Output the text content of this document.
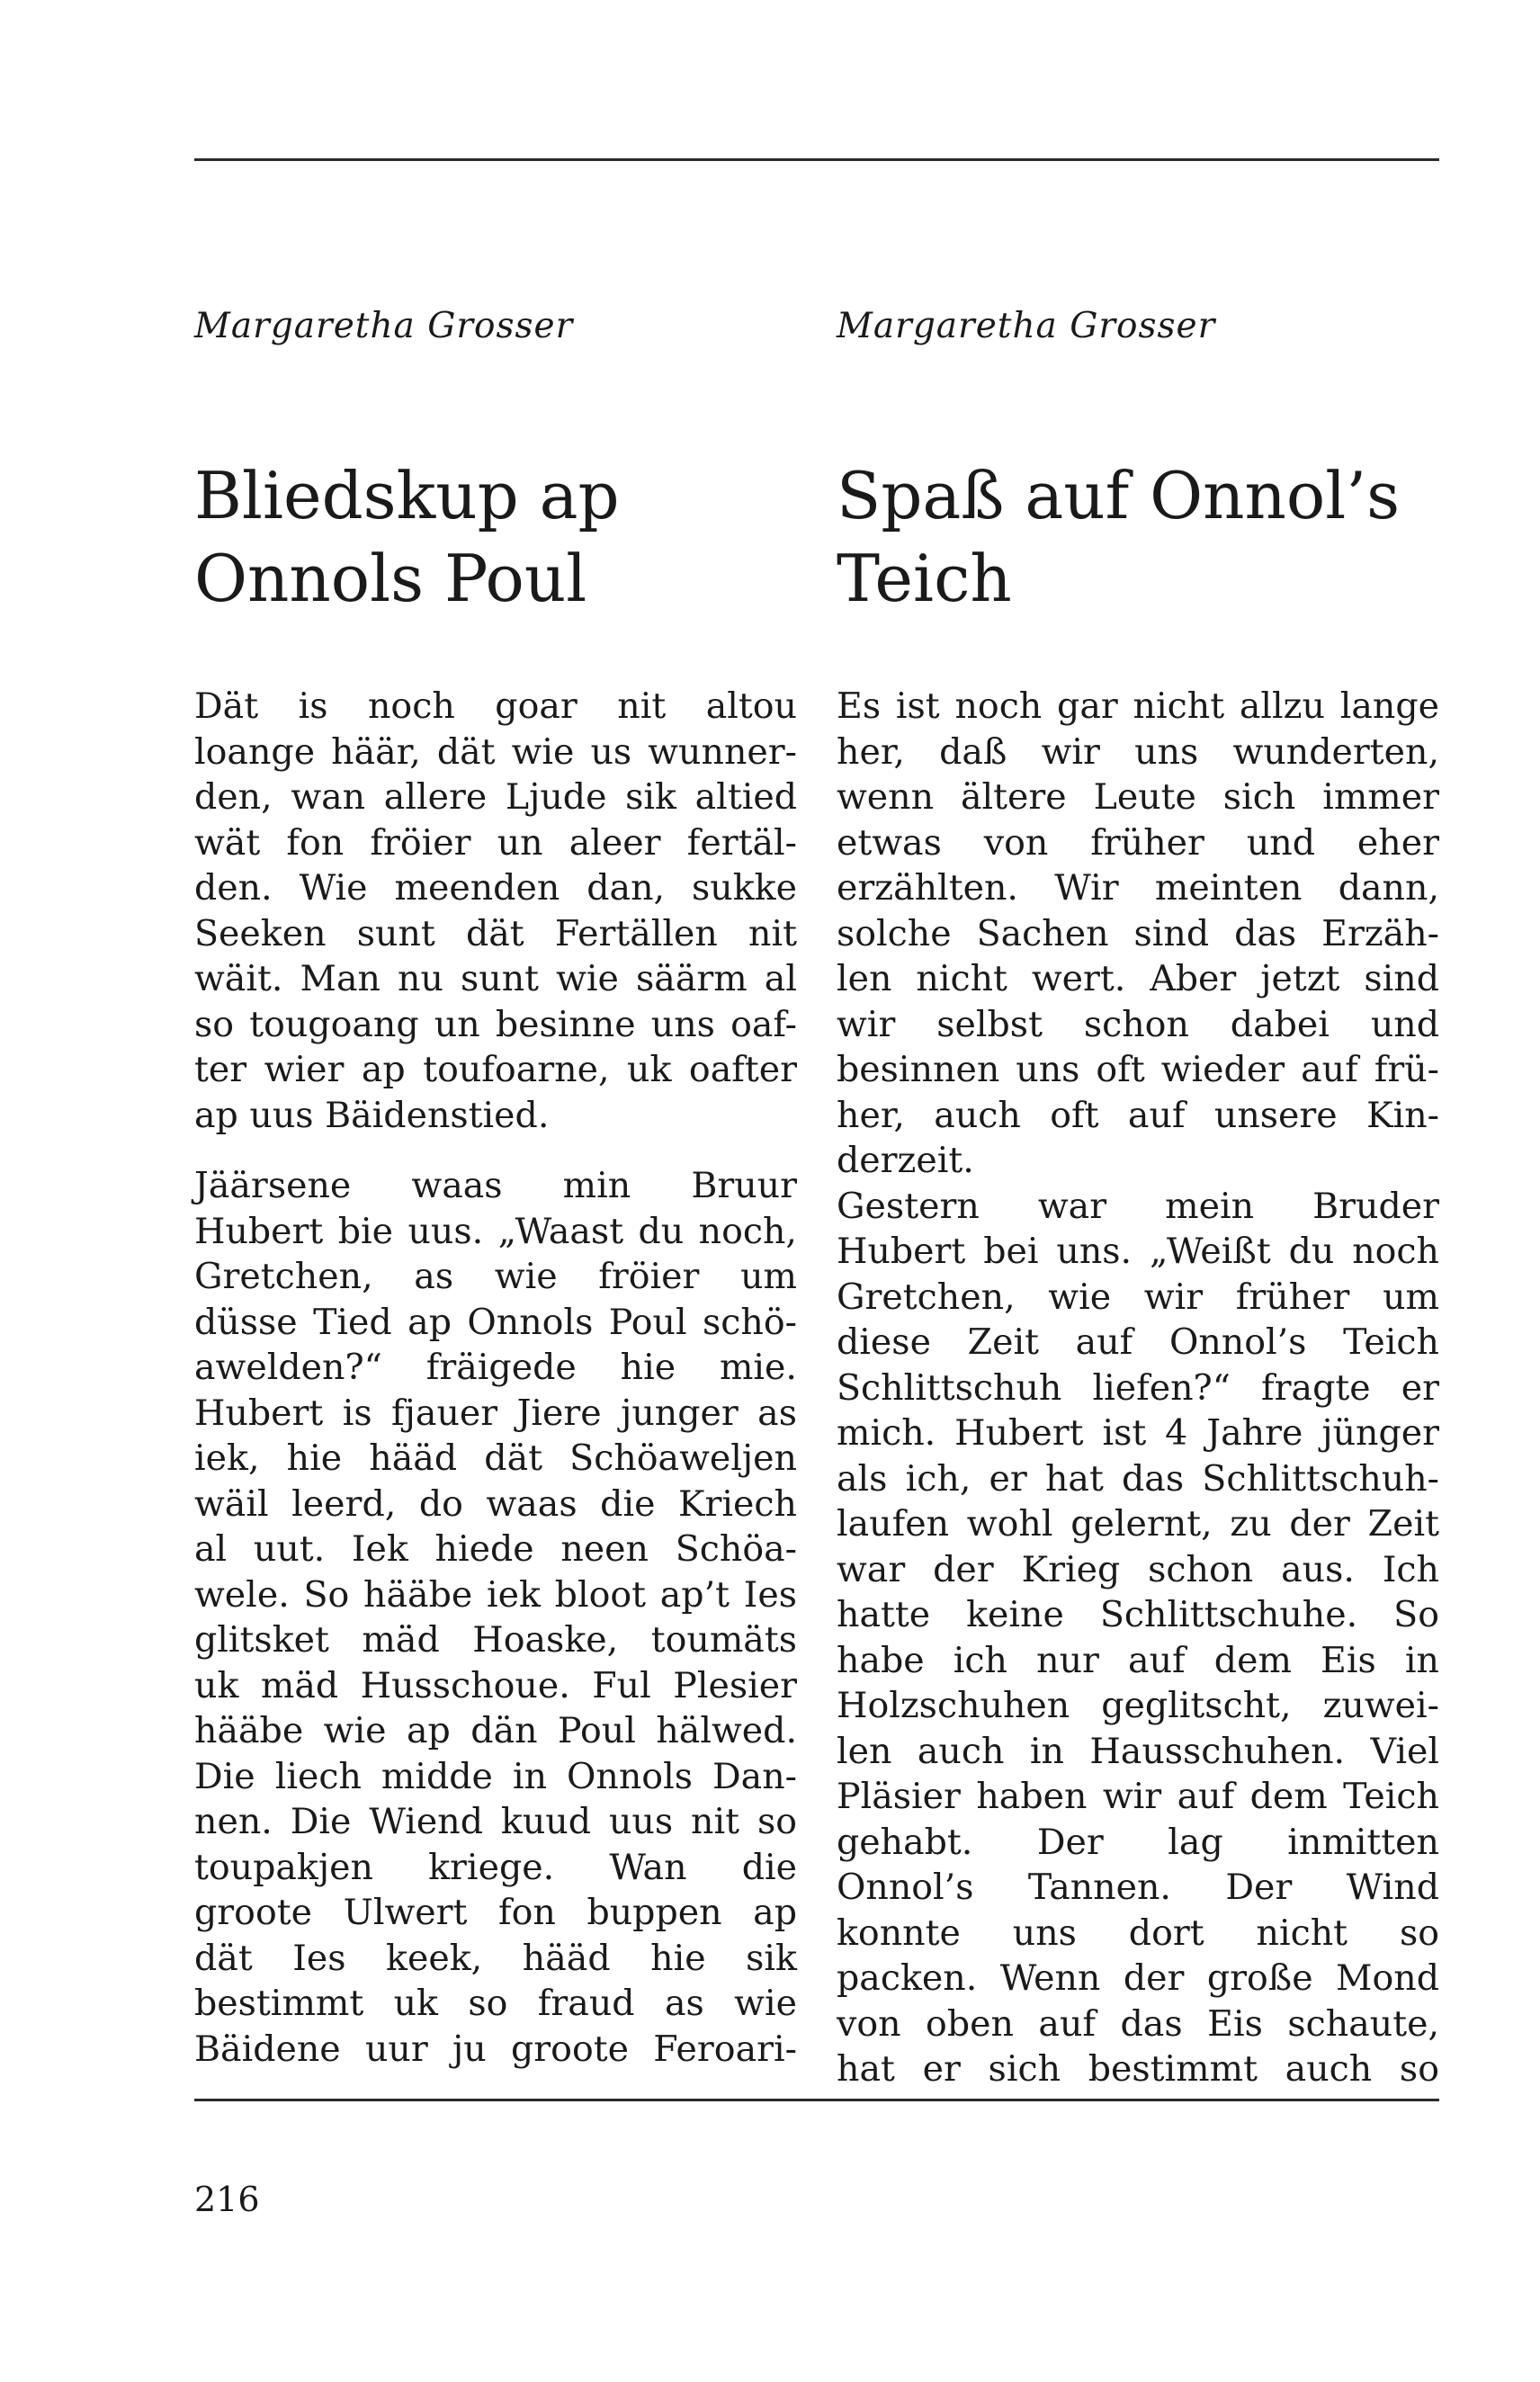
Margaretha Grosser
Bliedskup ap
Onnols Poul
Dät is noch goar nit altou
loange häär, dät wie us wunner-
den, wan allere Ljude sik altied
wät fon fröier un aleer fertäl-
den. Wie meenden dan, sukke
Seeken sunt dät Fertällen nit
wäit. Man nu sunt wie säärm al
so tougoang un besinne uns oaf-
ter wier ap toufoarne, uk oafter
ap uus Bäidenstied.
Jäärsene waas min Bruur
Hubert bie uus. „Waast du noch,
Gretchen, as wie fröier um
düsse Tied ap Onnols Poul schö-
awelden?“ fräigede hie mie.
Hubert is fjauer Jiere junger as
iek, hie hääd dät Schöaweljen
wäil leerd, do waas die Kriech
al uut. Iek hiede neen Schöa-
wele. So hääbe iek bloot ap’t Ies
glitsket mäd Hoaske, toumäts
uk mäd Husschoue. Ful Plesier
hääbe wie ap dän Poul hälwed.
Die liech midde in Onnols Dan-
nen. Die Wiend kuud uus nit so
toupakjen kriege. Wan die
groote Ulwert fon buppen ap
dät Ies keek, hääd hie sik
bestimmt uk so fraud as wie
Bäidene uur ju groote Feroari-
Margaretha Grosser
Spaß auf Onnol’s
Teich
Es ist noch gar nicht allzu lange
her, daß wir uns wunderten,
wenn ältere Leute sich immer
etwas von früher und eher
erzählten. Wir meinten dann,
solche Sachen sind das Erzäh-
len nicht wert. Aber jetzt sind
wir selbst schon dabei und
besinnen uns oft wieder auf frü-
her, auch oft auf unsere Kin-
derzeit.
Gestern war mein Bruder
Hubert bei uns. „Weißt du noch
Gretchen, wie wir früher um
diese Zeit auf Onnol’s Teich
Schlittschuh liefen?“ fragte er
mich. Hubert ist 4 Jahre jünger
als ich, er hat das Schlittschuh-
laufen wohl gelernt, zu der Zeit
war der Krieg schon aus. Ich
hatte keine Schlittschuhe. So
habe ich nur auf dem Eis in
Holzschuhen geglitscht, zuwei-
len auch in Hausschuhen. Viel
Pläsier haben wir auf dem Teich
gehabt. Der lag inmitten
Onnol’s Tannen. Der Wind
konnte uns dort nicht so
packen. Wenn der große Mond
von oben auf das Eis schaute,
hat er sich bestimmt auch so
216
